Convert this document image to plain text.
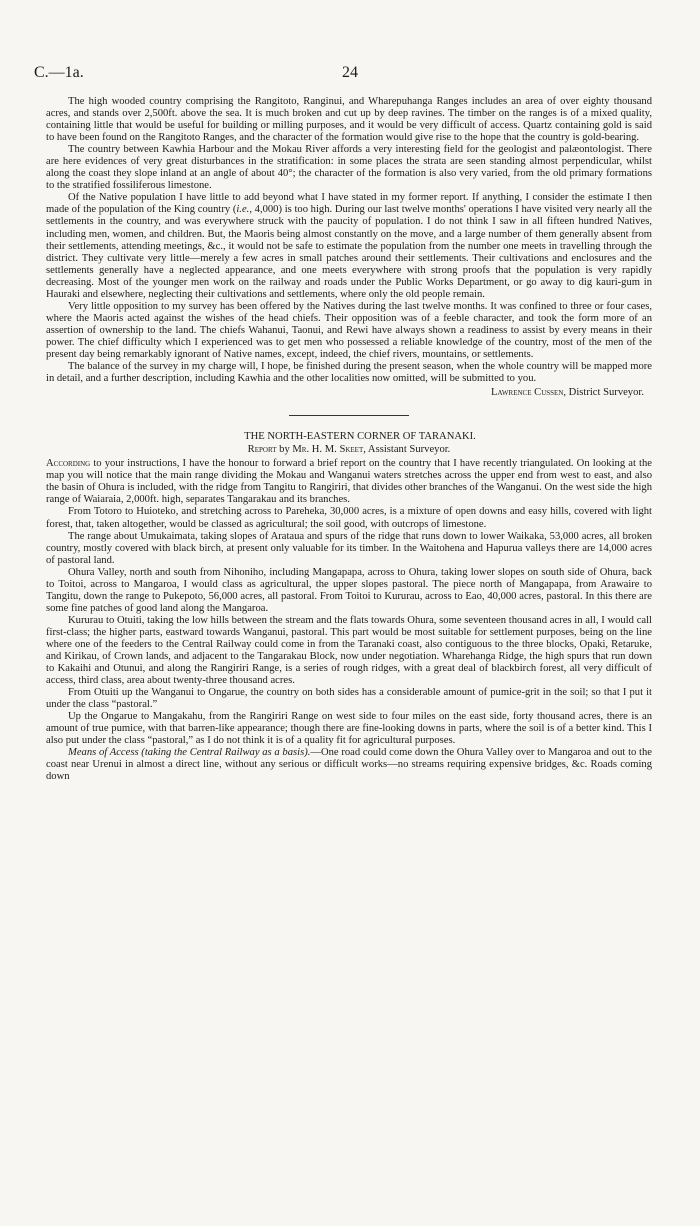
C.—1a.	24

The high wooded country comprising the Rangitoto, Ranginui, and Wharepuhanga Ranges includes an area of over eighty thousand acres, and stands over 2,500ft. above the sea. It is much broken and cut up by deep ravines. The timber on the ranges is of a mixed quality, containing little that would be useful for building or milling purposes, and it would be very difficult of access. Quartz containing gold is said to have been found on the Rangitoto Ranges, and the character of the formation would give rise to the hope that the country is gold-bearing.

The country between Kawhia Harbour and the Mokau River affords a very interesting field for the geologist and palæontologist. There are here evidences of very great disturbances in the stratification: in some places the strata are seen standing almost perpendicular, whilst along the coast they slope inland at an angle of about 40°; the character of the formation is also very varied, from the old primary formations to the stratified fossiliferous limestone.

Of the Native population I have little to add beyond what I have stated in my former report. If anything, I consider the estimate I then made of the population of the King country (i.e., 4,000) is too high. During our last twelve months' operations I have visited very nearly all the settlements in the country, and was everywhere struck with the paucity of population. I do not think I saw in all fifteen hundred Natives, including men, women, and children. But, the Maoris being almost constantly on the move, and a large number of them generally absent from their settlements, attending meetings, &c., it would not be safe to estimate the population from the number one meets in travelling through the district. They cultivate very little—merely a few acres in small patches around their settlements. Their cultivations and enclosures and the settlements generally have a neglected appearance, and one meets everywhere with strong proofs that the population is very rapidly decreasing. Most of the younger men work on the railway and roads under the Public Works Department, or go away to dig kauri-gum in Hauraki and elsewhere, neglecting their cultivations and settlements, where only the old people remain.

Very little opposition to my survey has been offered by the Natives during the last twelve months. It was confined to three or four cases, where the Maoris acted against the wishes of the head chiefs. Their opposition was of a feeble character, and took the form more of an assertion of ownership to the land. The chiefs Wahanui, Taonui, and Rewi have always shown a readiness to assist by every means in their power. The chief difficulty which I experienced was to get men who possessed a reliable knowledge of the country, most of the men of the present day being remarkably ignorant of Native names, except, indeed, the chief rivers, mountains, or settlements.

The balance of the survey in my charge will, I hope, be finished during the present season, when the whole country will be mapped more in detail, and a further description, including Kawhia and the other localities now omitted, will be submitted to you.

Lawrence Cussen, District Surveyor.

THE NORTH-EASTERN CORNER OF TARANAKI.

Report by Mr. H. M. Skeet, Assistant Surveyor.

According to your instructions, I have the honour to forward a brief report on the country that I have recently triangulated. On looking at the map you will notice that the main range dividing the Mokau and Wanganui waters stretches across the upper end from west to east, and also the basin of Ohura is included, with the ridge from Tangitu to Rangiriri, that divides other branches of the Wanganui. On the west side the high range of Waiaraia, 2,000ft. high, separates Tangarakau and its branches.

From Totoro to Huioteko, and stretching across to Pareheka, 30,000 acres, is a mixture of open downs and easy hills, covered with light forest, that, taken altogether, would be classed as agricultural; the soil good, with outcrops of limestone.

The range about Umukaimata, taking slopes of Arataua and spurs of the ridge that runs down to lower Waikaka, 53,000 acres, all broken country, mostly covered with black birch, at present only valuable for its timber. In the Waitohena and Hapurua valleys there are 14,000 acres of pastoral land.

Ohura Valley, north and south from Nihoniho, including Mangapapa, across to Ohura, taking lower slopes on south side of Ohura, back to Toitoi, across to Mangaroa, I would class as agricultural, the upper slopes pastoral. The piece north of Mangapapa, from Arawaire to Tangitu, down the range to Pukepoto, 56,000 acres, all pastoral. From Toitoi to Kururau, across to Eao, 40,000 acres, pastoral. In this there are some fine patches of good land along the Mangaroa.

Kururau to Otuiti, taking the low hills between the stream and the flats towards Ohura, some seventeen thousand acres in all, I would call first-class; the higher parts, eastward towards Wanganui, pastoral. This part would be most suitable for settlement purposes, being on the line where one of the feeders to the Central Railway could come in from the Taranaki coast, also contiguous to the three blocks, Opaki, Retaruke, and Kirikau, of Crown lands, and adjacent to the Tangarakau Block, now under negotiation. Wharehanga Ridge, the high spurs that run down to Kakaihi and Otunui, and along the Rangiriri Range, is a series of rough ridges, with a great deal of blackbirch forest, all very difficult of access, third class, area about twenty-three thousand acres.

From Otuiti up the Wanganui to Ongarue, the country on both sides has a considerable amount of pumice-grit in the soil; so that I put it under the class “pastoral.”

Up the Ongarue to Mangakahu, from the Rangiriri Range on west side to four miles on the east side, forty thousand acres, there is an amount of true pumice, with that barren-like appearance; though there are fine-looking downs in parts, where the soil is of a better kind. This I also put under the class “pastoral,” as I do not think it is of a quality fit for agricultural purposes.

Means of Access (taking the Central Railway as a basis).—One road could come down the Ohura Valley over to Mangaroa and out to the coast near Urenui in almost a direct line, without any serious or difficult works—no streams requiring expensive bridges, &c. Roads coming down
